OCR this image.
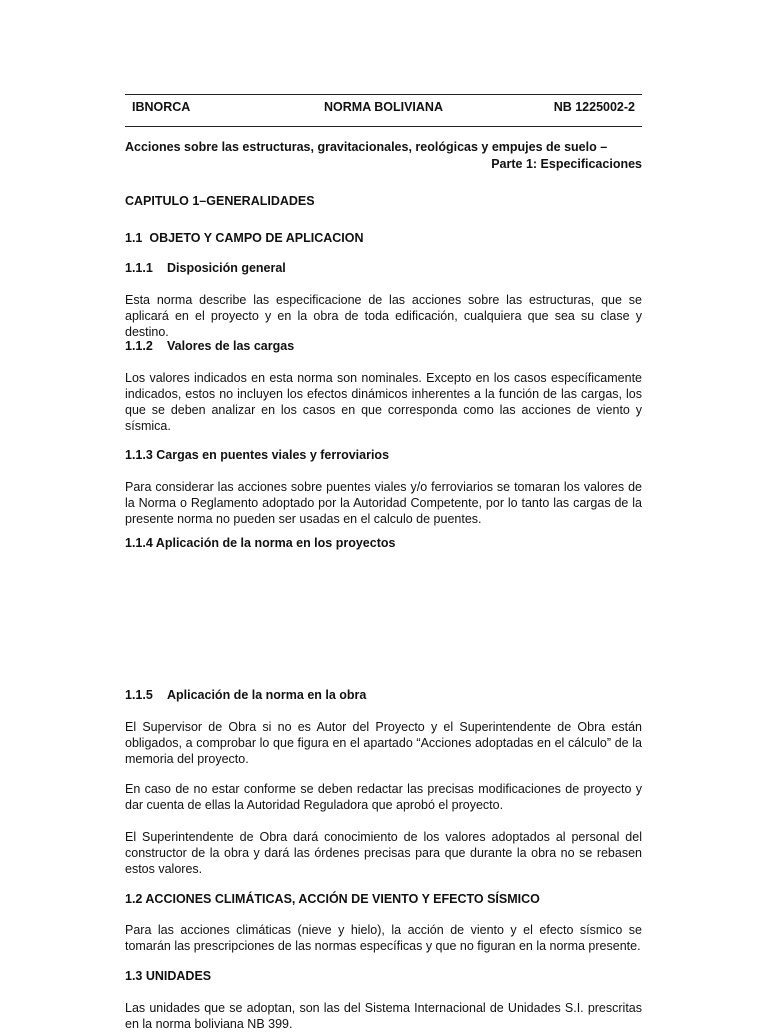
IBNORCA	NORMA BOLIVIANA	NB 1225002-2

Acciones sobre las estructuras, gravitacionales, reológicas y empujes de suelo –

Parte 1: Especificaciones

CAPITULO 1–GENERALIDADES

1.1 OBJETO Y CAMPO DE APLICACION

1.1.1 Disposición general

Esta norma describe las especificacione de las acciones sobre las estructuras, que se aplicará en el proyecto y en la obra de toda edificación, cualquiera que sea su clase y destino.

1.1.2 Valores de las cargas

Los valores indicados en esta norma son nominales. Excepto en los casos específicamente indicados, estos no incluyen los efectos dinámicos inherentes a la función de las cargas, los que se deben analizar en los casos en que corresponda como las acciones de viento y sísmica.

1.1.3 Cargas en puentes viales y ferroviarios

Para considerar las acciones sobre puentes viales y/o ferroviarios se tomaran los valores de la Norma o Reglamento adoptado por la Autoridad Competente, por lo tanto las cargas de la presente norma no pueden ser usadas en el calculo de puentes.

1.1.4 Aplicación de la norma en los proyectos

1.1.5 Aplicación de la norma en la obra

El Supervisor de Obra si no es Autor del Proyecto y el Superintendente de Obra están obligados, a comprobar lo que figura en el apartado “Acciones adoptadas en el cálculo” de la memoria del proyecto.

En caso de no estar conforme se deben redactar las precisas modificaciones de proyecto y dar cuenta de ellas la Autoridad Reguladora que aprobó el proyecto.

El Superintendente de Obra dará conocimiento de los valores adoptados al personal del constructor de la obra y dará las órdenes precisas para que durante la obra no se rebasen estos valores.

1.2 ACCIONES CLIMÁTICAS, ACCIÓN DE VIENTO Y EFECTO SÍSMICO

Para las acciones climáticas (nieve y hielo), la acción de viento y el efecto sísmico se tomarán las prescripciones de las normas específicas y que no figuran en la norma presente.

1.3 UNIDADES

Las unidades que se adoptan, son las del Sistema Internacional de Unidades S.I. prescritas en la norma boliviana NB 399.
